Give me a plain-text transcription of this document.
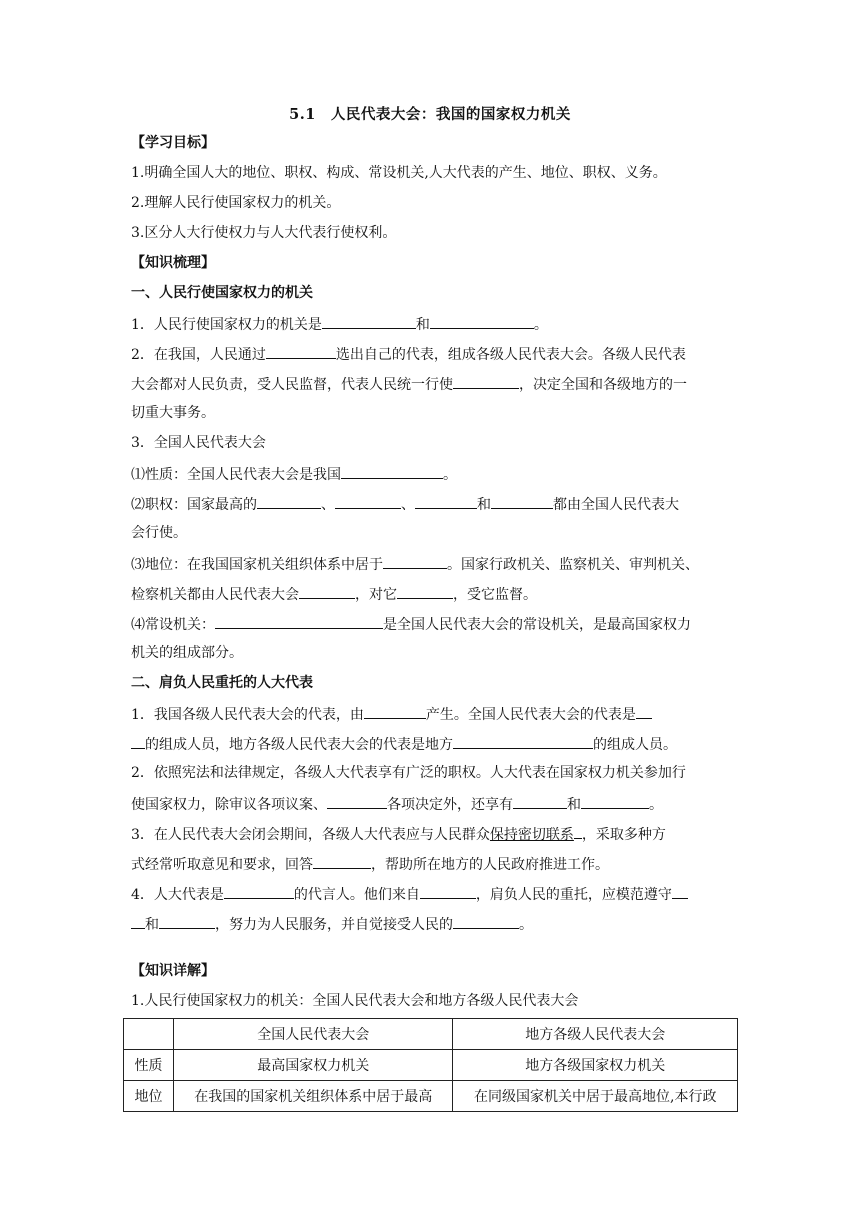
5.1　人民代表大会：我国的国家权力机关
【学习目标】
1.明确全国人大的地位、职权、构成、常设机关,人大代表的产生、地位、职权、义务。
2.理解人民行使国家权力的机关。
3.区分人大行使权力与人大代表行使权利。
【知识梳理】
一、人民行使国家权力的机关
1．人民行使国家权力的机关是	和	。
2．在我国，人民通过	选出自己的代表，组成各级人民代表大会。各级人民代表
大会都对人民负责，受人民监督，代表人民统一行使	，决定全国和各级地方的一
切重大事务。
3．全国人民代表大会
⑴性质：全国人民代表大会是我国	。
⑵职权：国家最高的	、	、	和	都由全国人民代表大
会行使。
⑶地位：在我国国家机关组织体系中居于	。国家行政机关、监察机关、审判机关、
检察机关都由人民代表大会	，对它	，受它监督。
⑷常设机关：	是全国人民代表大会的常设机关，是最高国家权力
机关的组成部分。
二、肩负人民重托的人大代表
1．我国各级人民代表大会的代表，由	产生。全国人民代表大会的代表是
的组成人员，地方各级人民代表大会的代表是地方	的组成人员。
2．依照宪法和法律规定，各级人大代表享有广泛的职权。人大代表在国家权力机关参加行
使国家权力，除审议各项议案、	各项决定外，还享有	和	。
3．在人民代表大会闭会期间，各级人大代表应与人民群众保持密切联系 ，采取多种方
式经常听取意见和要求，回答	，帮助所在地方的人民政府推进工作。
4．人大代表是	的代言人。他们来自	，肩负人民的重托，应模范遵守
和	，努力为人民服务，并自觉接受人民的	。
【知识详解】
1.人民行使国家权力的机关：全国人民代表大会和地方各级人民代表大会
	全国人民代表大会	地方各级人民代表大会
性质	最高国家权力机关	地方各级国家权力机关
地位	在我国的国家机关组织体系中居于最高	在同级国家机关中居于最高地位,本行政
